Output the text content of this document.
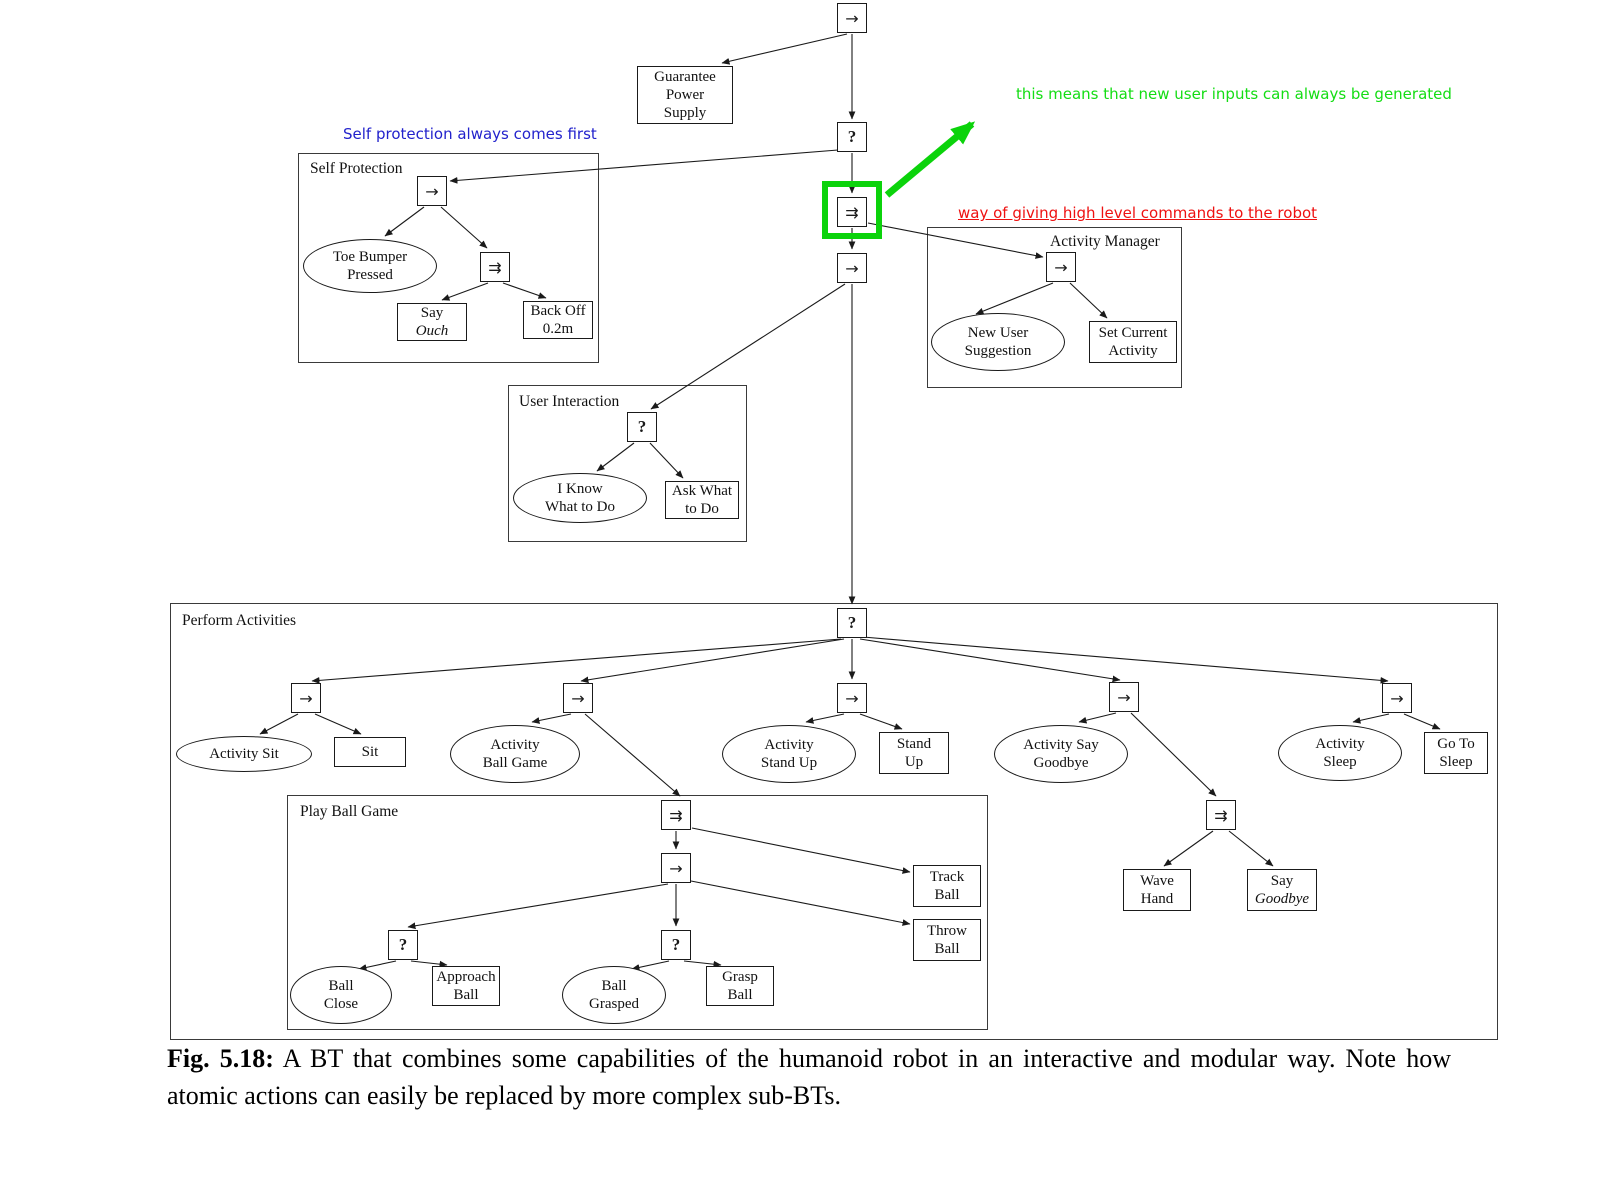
Self Protection
Activity Manager
User Interaction
Perform Activities
Play Ball Game
Self protection always comes first
this means that new user inputs can always be generated
way of giving high level commands to the robot
→
?
⇉
→
→
⇉	→
?
?
→	→	→	→	→
⇉
→
?	?
⇉
Guarantee
Power
Supply
Say
Ouch
Back Off
0.2m	Set Current
Activity
Ask What
to Do
Sit	Stand
Up
Go To
Sleep
Track
Ball
Throw
Ball
Approach
Ball
Grasp
Ball
Wave
Hand
Say
Goodbye
Toe Bumper
Pressed
New User
Suggestion
I Know
What to Do
Activity Sit
Activity
Ball Game
Activity
Stand Up
Activity Say
Goodbye
Activity
Sleep
Ball
Close
Ball
Grasped
Fig. 5.18: A BT that combines some capabilities of the humanoid robot in an interactive and modular way. Note how atomic actions can easily be replaced by more complex sub-BTs.
